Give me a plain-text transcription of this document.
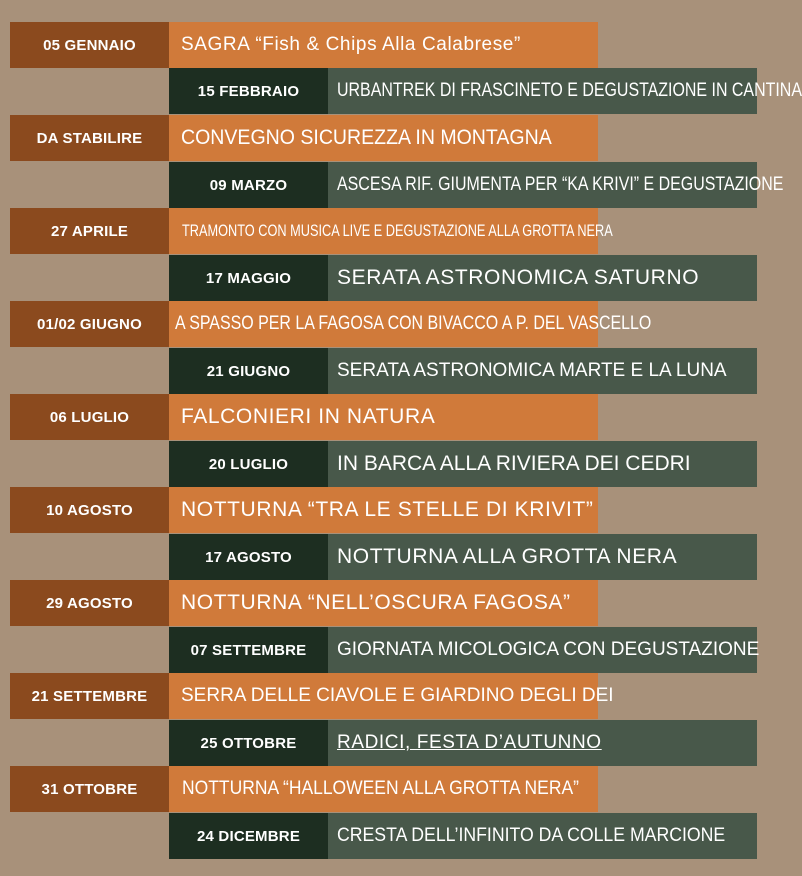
05 GENNAIO	SAGRA “Fish & Chips Alla Calabrese”
15 FEBBRAIO	URBANTREK DI FRASCINETO E DEGUSTAZIONE IN CANTINA
DA STABILIRE	CONVEGNO SICUREZZA IN MONTAGNA
09 MARZO	ASCESA RIF. GIUMENTA PER “KA KRIVI” E DEGUSTAZIONE
27 APRILE	TRAMONTO CON MUSICA LIVE E DEGUSTAZIONE ALLA GROTTA NERA
17 MAGGIO	SERATA ASTRONOMICA SATURNO
01/02 GIUGNO	A SPASSO PER LA FAGOSA CON BIVACCO A P. DEL VASCELLO
21 GIUGNO	SERATA ASTRONOMICA MARTE E LA LUNA
06 LUGLIO	FALCONIERI IN NATURA
20 LUGLIO	IN BARCA ALLA RIVIERA DEI CEDRI
10 AGOSTO	NOTTURNA “TRA LE STELLE DI KRIVIT”
17 AGOSTO	NOTTURNA ALLA GROTTA NERA
29 AGOSTO	NOTTURNA “NELL’OSCURA FAGOSA”
07 SETTEMBRE	GIORNATA MICOLOGICA CON DEGUSTAZIONE
21 SETTEMBRE	SERRA DELLE CIAVOLE E GIARDINO DEGLI DEI
25 OTTOBRE	RADICI, FESTA D’AUTUNNO
31 OTTOBRE	NOTTURNA “HALLOWEEN ALLA GROTTA NERA”
24 DICEMBRE	CRESTA DELL’INFINITO DA COLLE MARCIONE
